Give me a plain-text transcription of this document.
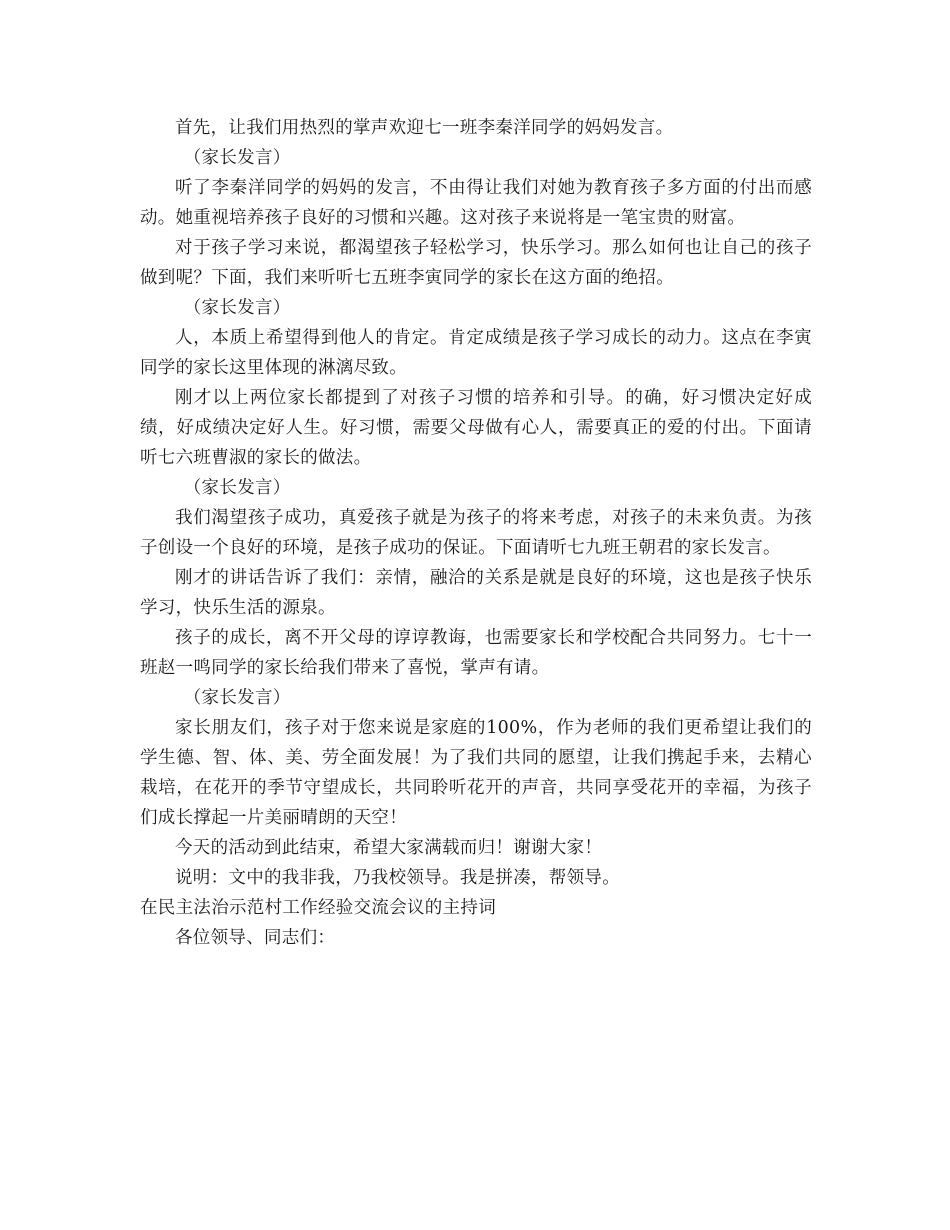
首先，让我们用热烈的掌声欢迎七一班李秦洋同学的妈妈发言。

（家长发言）

听了李秦洋同学的妈妈的发言，不由得让我们对她为教育孩子多方面的付出而感动。她重视培养孩子良好的习惯和兴趣。这对孩子来说将是一笔宝贵的财富。

对于孩子学习来说，都渴望孩子轻松学习，快乐学习。那么如何也让自己的孩子做到呢？下面，我们来听听七五班李寅同学的家长在这方面的绝招。

（家长发言）

人，本质上希望得到他人的肯定。肯定成绩是孩子学习成长的动力。这点在李寅同学的家长这里体现的淋漓尽致。

刚才以上两位家长都提到了对孩子习惯的培养和引导。的确，好习惯决定好成绩，好成绩决定好人生。好习惯，需要父母做有心人，需要真正的爱的付出。下面请听七六班曹淑的家长的做法。

（家长发言）

我们渴望孩子成功，真爱孩子就是为孩子的将来考虑，对孩子的未来负责。为孩子创设一个良好的环境，是孩子成功的保证。下面请听七九班王朝君的家长发言。

刚才的讲话告诉了我们：亲情，融洽的关系是就是良好的环境，这也是孩子快乐学习，快乐生活的源泉。

孩子的成长，离不开父母的谆谆教诲，也需要家长和学校配合共同努力。七十一班赵一鸣同学的家长给我们带来了喜悦，掌声有请。

（家长发言）

家长朋友们，孩子对于您来说是家庭的100%，作为老师的我们更希望让我们的学生德、智、体、美、劳全面发展！为了我们共同的愿望，让我们携起手来，去精心栽培，在花开的季节守望成长，共同聆听花开的声音，共同享受花开的幸福，为孩子们成长撑起一片美丽晴朗的天空！

今天的活动到此结束，希望大家满载而归！谢谢大家！

说明：文中的我非我，乃我校领导。我是拼凑，帮领导。

在民主法治示范村工作经验交流会议的主持词

各位领导、同志们：
